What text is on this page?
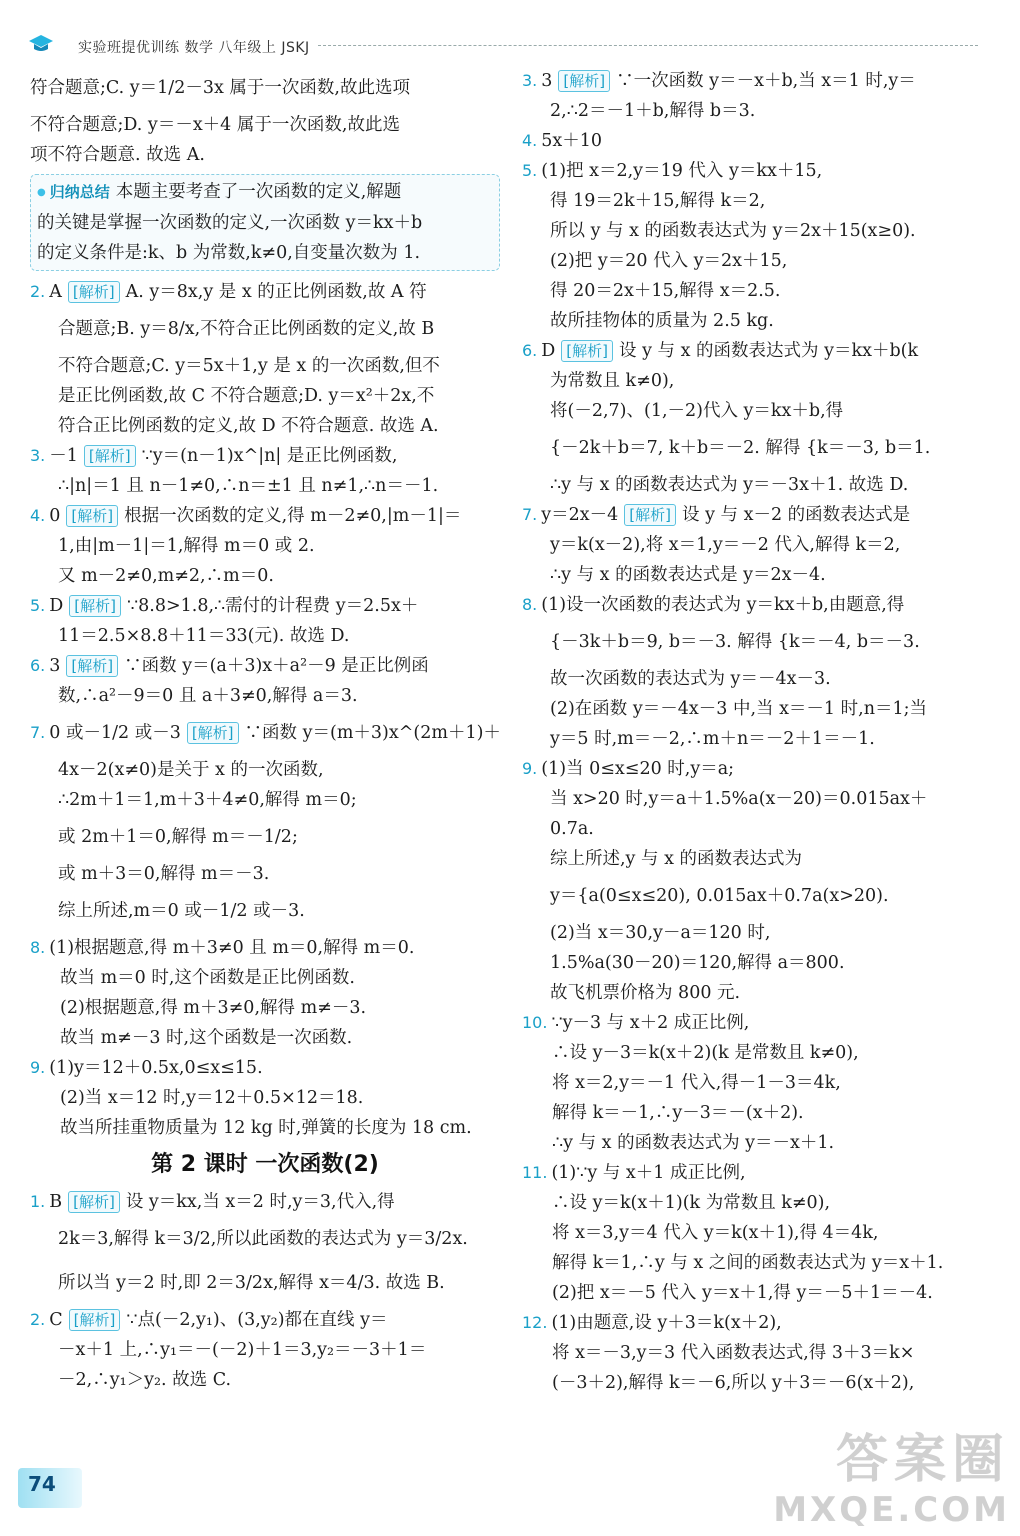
实验班提优训练 数学 八年级上 JSKJ
符合题意;C. y＝1/2－3x 属于一次函数,故此选项
不符合题意;D. y＝－x＋4 属于一次函数,故此选
项不符合题意. 故选 A.
● 归纳总结 本题主要考查了一次函数的定义,解题
的关键是掌握一次函数的定义,一次函数 y＝kx＋b
的定义条件是:k、b 为常数,k≠0,自变量次数为 1.
2. A [解析] A. y＝8x,y 是 x 的正比例函数,故 A 符
合题意;B. y＝8/x,不符合正比例函数的定义,故 B
不符合题意;C. y＝5x＋1,y 是 x 的一次函数,但不
是正比例函数,故 C 不符合题意;D. y＝x²＋2x,不
符合正比例函数的定义,故 D 不符合题意. 故选 A.
3. －1 [解析] ∵y＝(n－1)x^|n| 是正比例函数,
∴|n|＝1 且 n－1≠0,∴n＝±1 且 n≠1,∴n＝－1.
4. 0 [解析] 根据一次函数的定义,得 m－2≠0,|m－1|＝
1,由|m－1|＝1,解得 m＝0 或 2.
又 m－2≠0,m≠2,∴m＝0.
5. D [解析] ∵8.8>1.8,∴需付的计程费 y＝2.5x＋
11＝2.5×8.8＋11＝33(元). 故选 D.
6. 3 [解析] ∵函数 y＝(a＋3)x＋a²－9 是正比例函
数,∴a²－9＝0 且 a＋3≠0,解得 a＝3.
7. 0 或－1/2 或－3 [解析] ∵函数 y＝(m＋3)x^(2m＋1)＋
4x－2(x≠0)是关于 x 的一次函数,
∴2m＋1＝1,m＋3＋4≠0,解得 m＝0;
或 2m＋1＝0,解得 m＝－1/2;
或 m＋3＝0,解得 m＝－3.
综上所述,m＝0 或－1/2 或－3.
8. (1)根据题意,得 m＋3≠0 且 m＝0,解得 m＝0.
故当 m＝0 时,这个函数是正比例函数.
(2)根据题意,得 m＋3≠0,解得 m≠－3.
故当 m≠－3 时,这个函数是一次函数.
9. (1)y＝12＋0.5x,0≤x≤15.
(2)当 x＝12 时,y＝12＋0.5×12＝18.
故当所挂重物质量为 12 kg 时,弹簧的长度为 18 cm.
第 2 课时 一次函数(2)
1. B [解析] 设 y＝kx,当 x＝2 时,y＝3,代入,得
2k＝3,解得 k＝3/2,所以此函数的表达式为 y＝3/2x.
所以当 y＝2 时,即 2＝3/2x,解得 x＝4/3. 故选 B.
2. C [解析] ∵点(－2,y₁)、(3,y₂)都在直线 y＝
－x＋1 上,∴y₁＝－(－2)＋1＝3,y₂＝－3＋1＝
－2,∴y₁＞y₂. 故选 C.
3. 3 [解析] ∵一次函数 y＝－x＋b,当 x＝1 时,y＝
2,∴2＝－1＋b,解得 b＝3.
4. 5x＋10
5. (1)把 x＝2,y＝19 代入 y＝kx＋15,
得 19＝2k＋15,解得 k＝2,
所以 y 与 x 的函数表达式为 y＝2x＋15(x≥0).
(2)把 y＝20 代入 y＝2x＋15,
得 20＝2x＋15,解得 x＝2.5.
故所挂物体的质量为 2.5 kg.
6. D [解析] 设 y 与 x 的函数表达式为 y＝kx＋b(k
为常数且 k≠0),
将(－2,7)、(1,－2)代入 y＝kx＋b,得
{－2k＋b＝7, k＋b＝－2. 解得 {k＝－3, b＝1.
∴y 与 x 的函数表达式为 y＝－3x＋1. 故选 D.
7. y＝2x－4 [解析] 设 y 与 x－2 的函数表达式是
y＝k(x－2),将 x＝1,y＝－2 代入,解得 k＝2,
∴y 与 x 的函数表达式是 y＝2x－4.
8. (1)设一次函数的表达式为 y＝kx＋b,由题意,得
{－3k＋b＝9, b＝－3. 解得 {k＝－4, b＝－3.
故一次函数的表达式为 y＝－4x－3.
(2)在函数 y＝－4x－3 中,当 x＝－1 时,n＝1;当
y＝5 时,m＝－2,∴m＋n＝－2＋1＝－1.
9. (1)当 0≤x≤20 时,y＝a;
当 x>20 时,y＝a＋1.5%a(x－20)＝0.015ax＋
0.7a.
综上所述,y 与 x 的函数表达式为
y＝{a(0≤x≤20), 0.015ax＋0.7a(x>20).
(2)当 x＝30,y－a＝120 时,
1.5%a(30－20)＝120,解得 a＝800.
故飞机票价格为 800 元.
10. ∵y－3 与 x＋2 成正比例,
∴设 y－3＝k(x＋2)(k 是常数且 k≠0),
将 x＝2,y＝－1 代入,得－1－3＝4k,
解得 k＝－1,∴y－3＝－(x＋2).
∴y 与 x 的函数表达式为 y＝－x＋1.
11. (1)∵y 与 x＋1 成正比例,
∴设 y＝k(x＋1)(k 为常数且 k≠0),
将 x＝3,y＝4 代入 y＝k(x＋1),得 4＝4k,
解得 k＝1,∴y 与 x 之间的函数表达式为 y＝x＋1.
(2)把 x＝－5 代入 y＝x＋1,得 y＝－5＋1＝－4.
12. (1)由题意,设 y＋3＝k(x＋2),
将 x＝－3,y＝3 代入函数表达式,得 3＋3＝k×
(－3＋2),解得 k＝－6,所以 y＋3＝－6(x＋2),
74	答案圈
MXQE.COM
